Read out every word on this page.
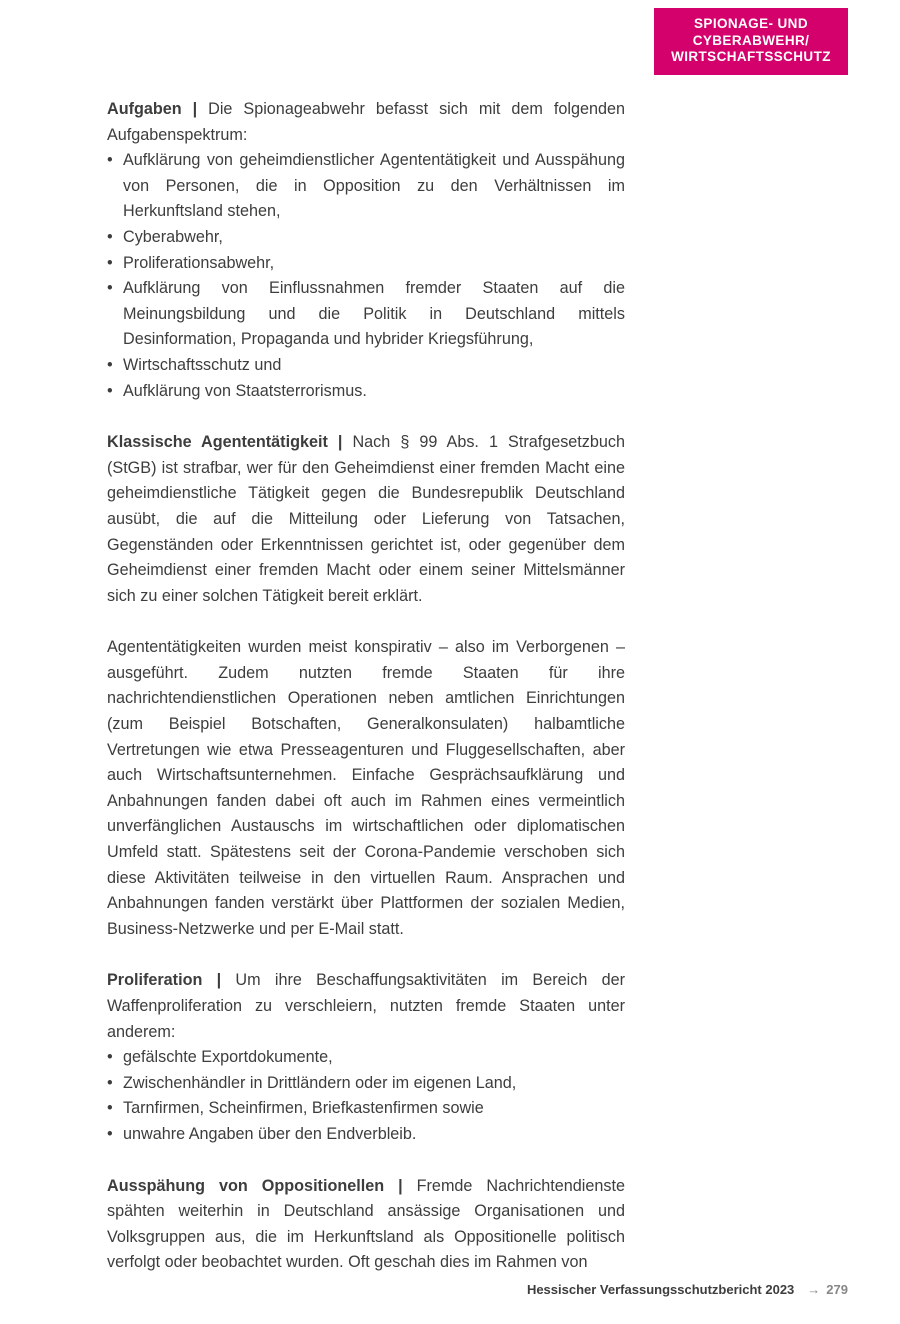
SPIONAGE- UND
CYBERABWEHR/
WIRTSCHAFTSSCHUTZ

Aufgaben | Die Spionageabwehr befasst sich mit dem folgenden Aufgabenspektrum:

• Aufklärung von geheimdienstlicher Agententätigkeit und Ausspähung von Personen, die in Opposition zu den Verhältnissen im Herkunftsland stehen,
• Cyberabwehr,
• Proliferationsabwehr,
• Aufklärung von Einflussnahmen fremder Staaten auf die Meinungsbildung und die Politik in Deutschland mittels Desinformation, Propaganda und hybrider Kriegsführung,
• Wirtschaftsschutz und
• Aufklärung von Staatsterrorismus.

Klassische Agententätigkeit | Nach § 99 Abs. 1 Strafgesetzbuch (StGB) ist strafbar, wer für den Geheimdienst einer fremden Macht eine geheimdienstliche Tätigkeit gegen die Bundesrepublik Deutschland ausübt, die auf die Mitteilung oder Lieferung von Tatsachen, Gegenständen oder Erkenntnissen gerichtet ist, oder gegenüber dem Geheimdienst einer fremden Macht oder einem seiner Mittelsmänner sich zu einer solchen Tätigkeit bereit erklärt.

Agententätigkeiten wurden meist konspirativ – also im Verborgenen – ausgeführt. Zudem nutzten fremde Staaten für ihre nachrichtendienstlichen Operationen neben amtlichen Einrichtungen (zum Beispiel Botschaften, Generalkonsulaten) halbamtliche Vertretungen wie etwa Presseagenturen und Fluggesellschaften, aber auch Wirtschaftsunternehmen. Einfache Gesprächsaufklärung und Anbahnungen fanden dabei oft auch im Rahmen eines vermeintlich unverfänglichen Austauschs im wirtschaftlichen oder diplomatischen Umfeld statt. Spätestens seit der Corona-Pandemie verschoben sich diese Aktivitäten teilweise in den virtuellen Raum. Ansprachen und Anbahnungen fanden verstärkt über Plattformen der sozialen Medien, Business-Netzwerke und per E-Mail statt.

Proliferation | Um ihre Beschaffungsaktivitäten im Bereich der Waffenproliferation zu verschleiern, nutzten fremde Staaten unter anderem:

• gefälschte Exportdokumente,
• Zwischenhändler in Drittländern oder im eigenen Land,
• Tarnfirmen, Scheinfirmen, Briefkastenfirmen sowie
• unwahre Angaben über den Endverbleib.

Ausspähung von Oppositionellen | Fremde Nachrichtendienste spähten weiterhin in Deutschland ansässige Organisationen und Volksgruppen aus, die im Herkunftsland als Oppositionelle politisch verfolgt oder beobachtet wurden. Oft geschah dies im Rahmen von

Hessischer Verfassungsschutzbericht 2023 → 279
